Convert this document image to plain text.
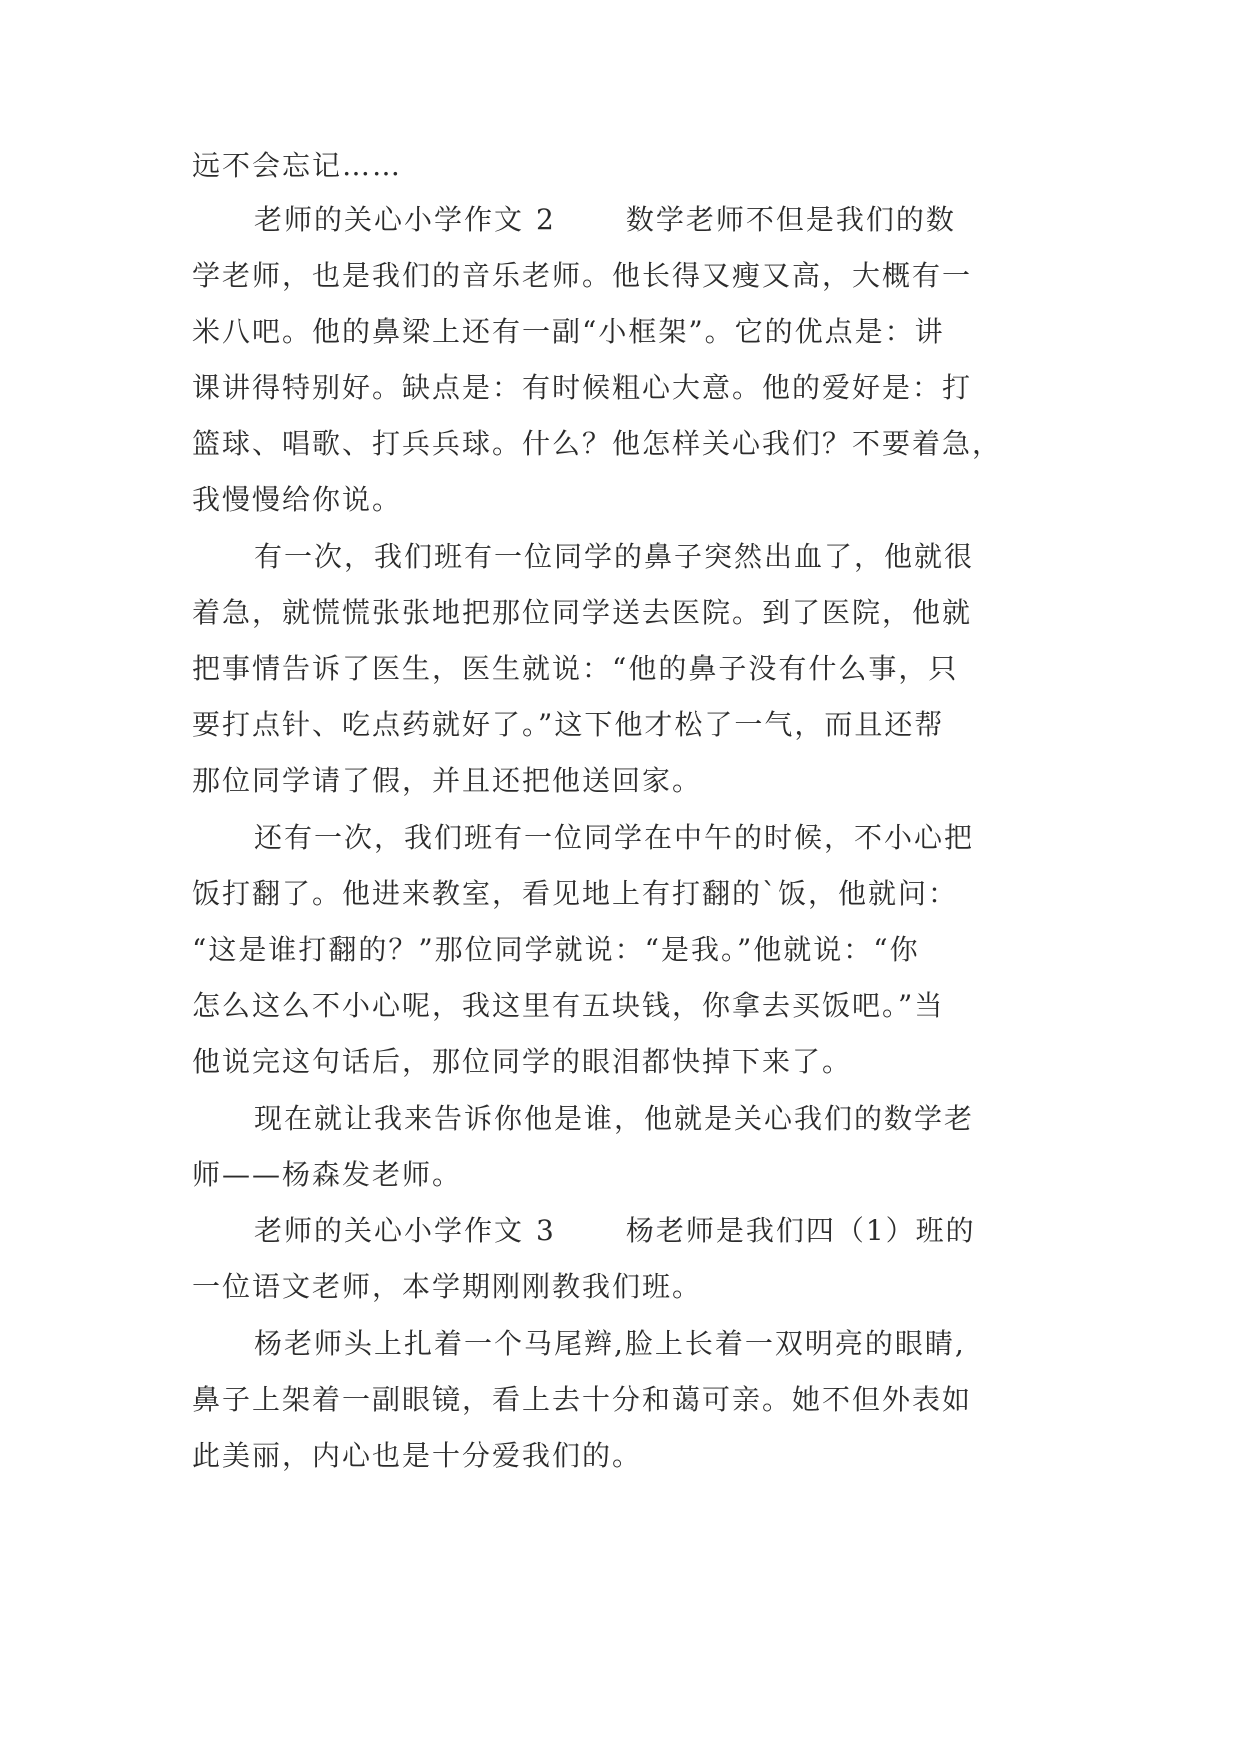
远不会忘记……

老师的关心小学作文 2	数学老师不但是我们的数

学老师，也是我们的音乐老师。他长得又瘦又高，大概有一

米八吧。他的鼻梁上还有一副“小框架”。它的优点是：讲

课讲得特别好。缺点是：有时候粗心大意。他的爱好是：打

篮球、唱歌、打兵兵球。什么？他怎样关心我们？不要着急，

我慢慢给你说。

有一次，我们班有一位同学的鼻子突然出血了，他就很

着急，就慌慌张张地把那位同学送去医院。到了医院，他就

把事情告诉了医生，医生就说：“他的鼻子没有什么事，只

要打点针、吃点药就好了。”这下他才松了一气，而且还帮

那位同学请了假，并且还把他送回家。

还有一次，我们班有一位同学在中午的时候，不小心把

饭打翻了。他进来教室，看见地上有打翻的`饭，他就问：

“这是谁打翻的？”那位同学就说：“是我。”他就说：“你

怎么这么不小心呢，我这里有五块钱，你拿去买饭吧。”当

他说完这句话后，那位同学的眼泪都快掉下来了。

现在就让我来告诉你他是谁，他就是关心我们的数学老

师——杨森发老师。

老师的关心小学作文 3	杨老师是我们四（1）班的

一位语文老师，本学期刚刚教我们班。

杨老师头上扎着一个马尾辫,脸上长着一双明亮的眼睛,

鼻子上架着一副眼镜，看上去十分和蔼可亲。她不但外表如

此美丽，内心也是十分爱我们的。
